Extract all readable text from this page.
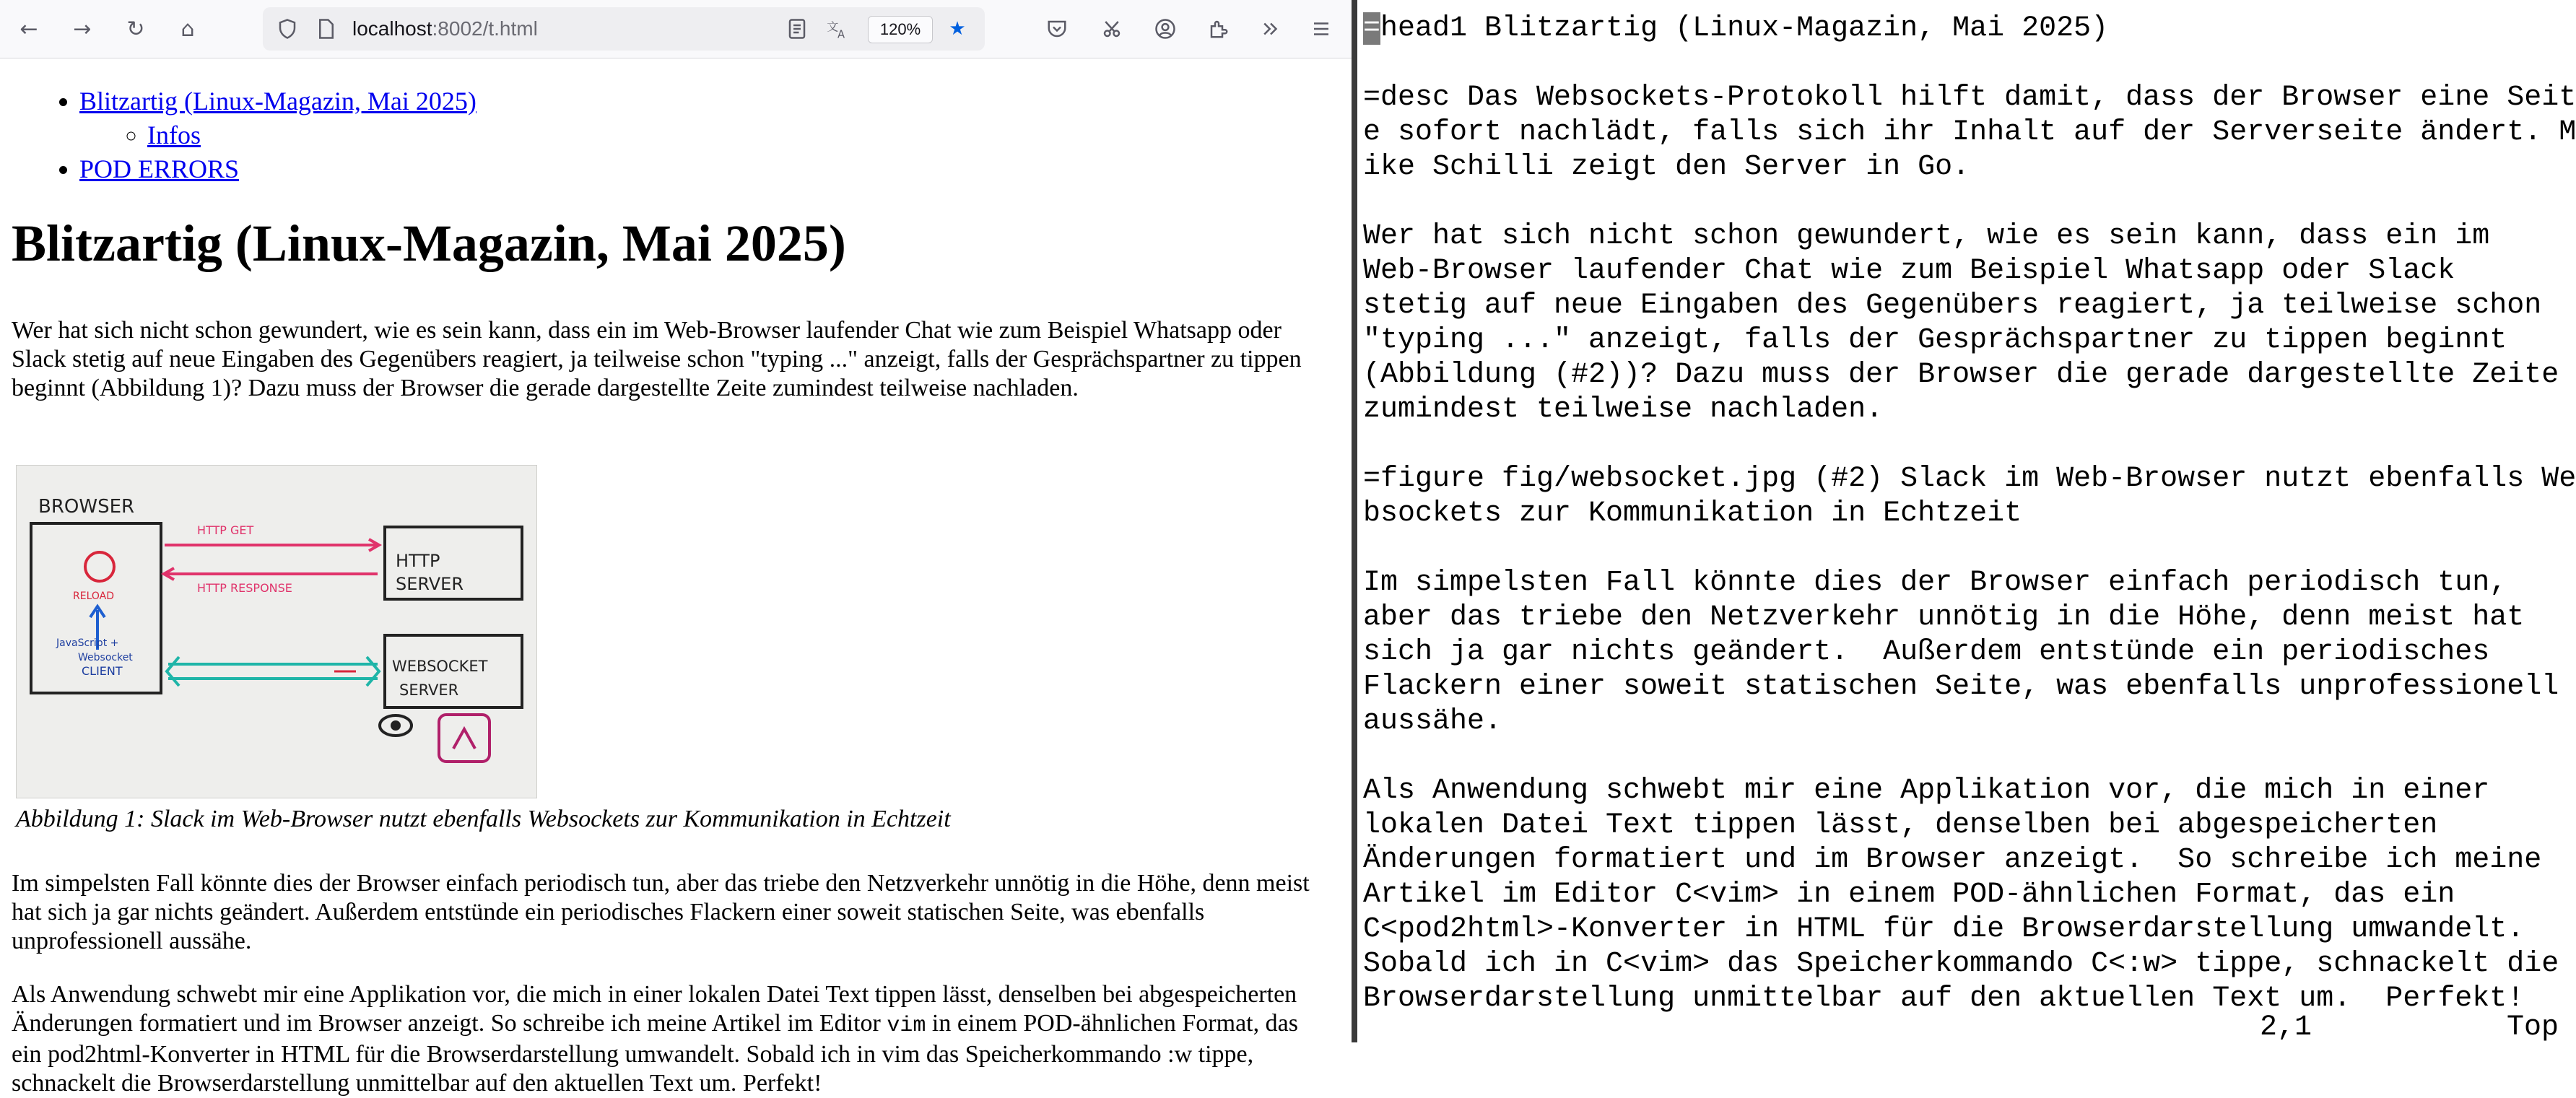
←	→	↻	⌂	localhost:8002/t.html	文
A	120%	★
• Blitzartig (Linux-Magazin, Mai 2025)
◦ Infos
• POD ERRORS
Blitzartig (Linux-Magazin, Mai 2025)

Wer hat sich nicht schon gewundert, wie es sein kann, dass ein im Web-Browser laufender Chat wie zum Beispiel Whatsapp oder Slack stetig auf neue Eingaben des Gegenübers reagiert, ja teilweise schon "typing ..." anzeigt, falls der Gesprächspartner zu tippen beginnt (Abbildung 1)? Dazu muss der Browser die gerade dargestellte Zeite zumindest teilweise nachladen.

BROWSER
RELOAD
JavaScript +
Websocket
CLIENT
HTTP
SERVER
HTTP GET
HTTP RESPONSE
WEBSOCKET
SERVER

Abbildung 1: Slack im Web-Browser nutzt ebenfalls Websockets zur Kommunikation in Echtzeit

Im simpelsten Fall könnte dies der Browser einfach periodisch tun, aber das triebe den Netzverkehr unnötig in die Höhe, denn meist hat sich ja gar nichts geändert. Außerdem entstünde ein periodisches Flackern einer soweit statischen Seite, was ebenfalls unprofessionell aussähe.

Als Anwendung schwebt mir eine Applikation vor, die mich in einer lokalen Datei Text tippen lässt, denselben bei abgespeicherten Änderungen formatiert und im Browser anzeigt. So schreibe ich meine Artikel im Editor vim in einem POD-ähnlichen Format, das ein pod2html-Konverter in HTML für die Browserdarstellung umwandelt. Sobald ich in vim das Speicherkommando :w tippe, schnackelt die Browserdarstellung unmittelbar auf den aktuellen Text um. Perfekt!

=head1 Blitzartig (Linux-Magazin, Mai 2025)
=desc Das Websockets-Protokoll hilft damit, dass der Browser eine Seit
e sofort nachlädt, falls sich ihr Inhalt auf der Serverseite ändert. M
ike Schilli zeigt den Server in Go.
Wer hat sich nicht schon gewundert, wie es sein kann, dass ein im
Web-Browser laufender Chat wie zum Beispiel Whatsapp oder Slack
stetig auf neue Eingaben des Gegenübers reagiert, ja teilweise schon
"typing ..." anzeigt, falls der Gesprächspartner zu tippen beginnt
(Abbildung (#2))? Dazu muss der Browser die gerade dargestellte Zeite
zumindest teilweise nachladen.
=figure fig/websocket.jpg (#2) Slack im Web-Browser nutzt ebenfalls We
bsockets zur Kommunikation in Echtzeit
Im simpelsten Fall könnte dies der Browser einfach periodisch tun,
aber das triebe den Netzverkehr unnötig in die Höhe, denn meist hat
sich ja gar nichts geändert.  Außerdem entstünde ein periodisches
Flackern einer soweit statischen Seite, was ebenfalls unprofessionell
aussähe.
Als Anwendung schwebt mir eine Applikation vor, die mich in einer
lokalen Datei Text tippen lässt, denselben bei abgespeicherten
Änderungen formatiert und im Browser anzeigt.  So schreibe ich meine
Artikel im Editor C<vim> in einem POD-ähnlichen Format, das ein
C<pod2html>-Konverter in HTML für die Browserdarstellung umwandelt.
Sobald ich in C<vim> das Speicherkommando C<:w> tippe, schnackelt die
Browserdarstellung unmittelbar auf den aktuellen Text um.  Perfekt!
2,1	Top
